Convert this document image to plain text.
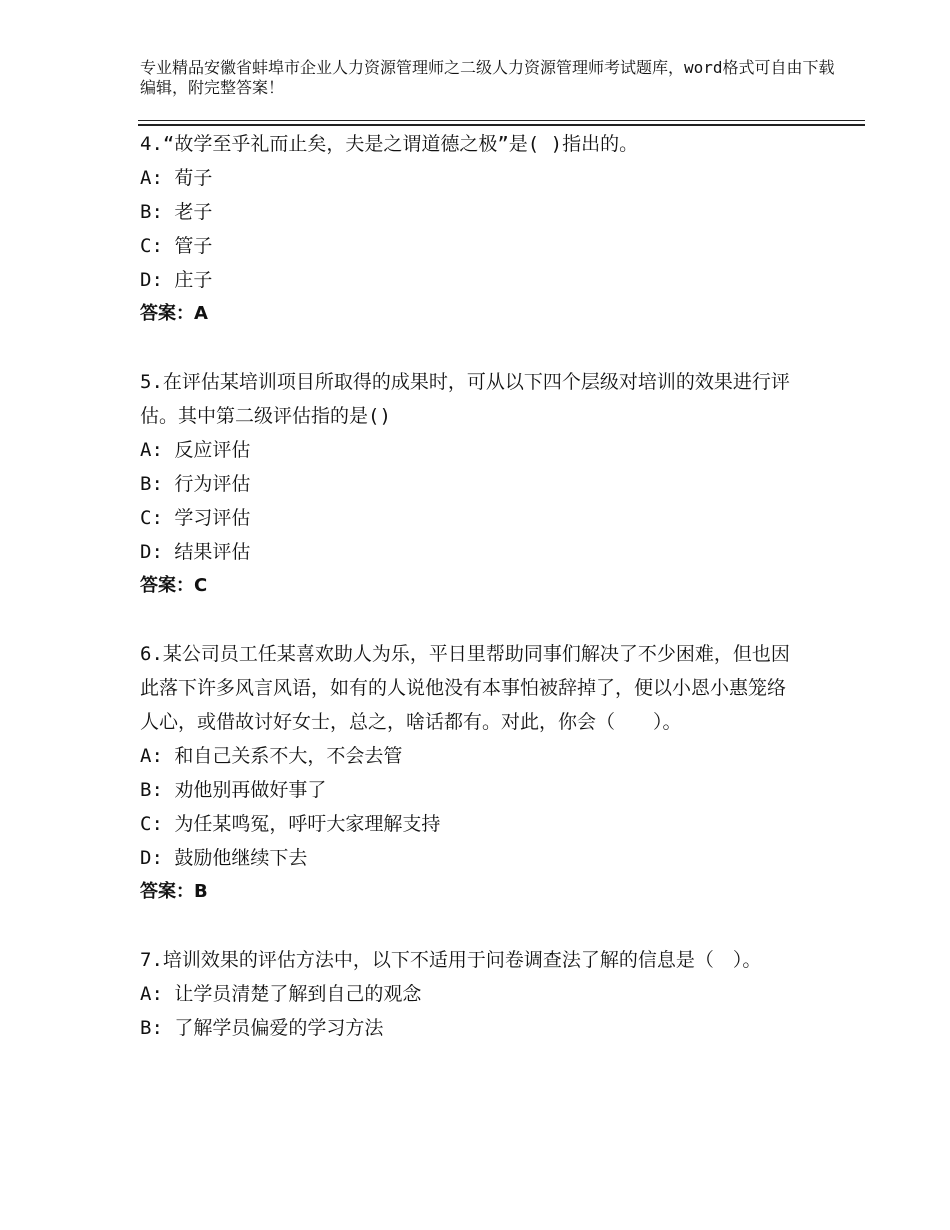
专业精品安徽省蚌埠市企业人力资源管理师之二级人力资源管理师考试题库，word格式可自由下载编辑，附完整答案！

4.“故学至乎礼而止矣，夫是之谓道德之极”是( )指出的。

A: 荀子

B: 老子

C: 管子

D: 庄子

答案：A

5.在评估某培训项目所取得的成果时，可从以下四个层级对培训的效果进行评估。其中第二级评估指的是()

A: 反应评估

B: 行为评估

C: 学习评估

D: 结果评估

答案：C

6.某公司员工任某喜欢助人为乐，平日里帮助同事们解决了不少困难，但也因此落下许多风言风语，如有的人说他没有本事怕被辞掉了，便以小恩小惠笼络人心，或借故讨好女士，总之，啥话都有。对此，你会（　　）。

A: 和自己关系不大，不会去管

B: 劝他别再做好事了

C: 为任某鸣冤，呼吁大家理解支持

D: 鼓励他继续下去

答案：B

7.培训效果的评估方法中，以下不适用于问卷调查法了解的信息是（　）。

A: 让学员清楚了解到自己的观念

B: 了解学员偏爱的学习方法
